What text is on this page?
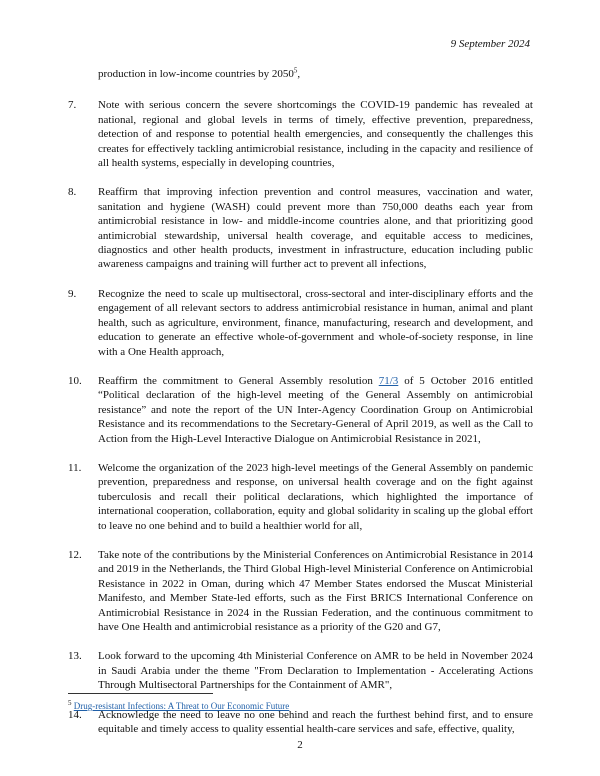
9 September 2024

production in low-income countries by 2050$^5$,

7. Note with serious concern the severe shortcomings the COVID-19 pandemic has revealed at national, regional and global levels in terms of timely, effective prevention, preparedness, detection of and response to potential health emergencies, and consequently the challenges this creates for effectively tackling antimicrobial resistance, including in the capacity and resilience of all health systems, especially in developing countries,

8. Reaffirm that improving infection prevention and control measures, vaccination and water, sanitation and hygiene (WASH) could prevent more than 750,000 deaths each year from antimicrobial resistance in low- and middle-income countries alone, and that prioritizing good antimicrobial stewardship, universal health coverage, and equitable access to medicines, diagnostics and other health products, investment in infrastructure, education including public awareness campaigns and training will further act to prevent all infections,

9. Recognize the need to scale up multisectoral, cross-sectoral and inter-disciplinary efforts and the engagement of all relevant sectors to address antimicrobial resistance in human, animal and plant health, such as agriculture, environment, finance, manufacturing, research and development, and education to generate an effective whole-of-government and whole-of-society response, in line with a One Health approach,

10. Reaffirm the commitment to General Assembly resolution 71/3 of 5 October 2016 entitled “Political declaration of the high-level meeting of the General Assembly on antimicrobial resistance” and note the report of the UN Inter-Agency Coordination Group on Antimicrobial Resistance and its recommendations to the Secretary-General of April 2019, as well as the Call to Action from the High-Level Interactive Dialogue on Antimicrobial Resistance in 2021,

11. Welcome the organization of the 2023 high-level meetings of the General Assembly on pandemic prevention, preparedness and response, on universal health coverage and on the fight against tuberculosis and recall their political declarations, which highlighted the importance of international cooperation, collaboration, equity and global solidarity in scaling up the global effort to leave no one behind and to build a healthier world for all,

12. Take note of the contributions by the Ministerial Conferences on Antimicrobial Resistance in 2014 and 2019 in the Netherlands, the Third Global High-level Ministerial Conference on Antimicrobial Resistance in 2022 in Oman, during which 47 Member States endorsed the Muscat Ministerial Manifesto, and Member State-led efforts, such as the First BRICS International Conference on Antimicrobial Resistance in 2024 in the Russian Federation, and the continuous commitment to have One Health and antimicrobial resistance as a priority of the G20 and G7,

13. Look forward to the upcoming 4th Ministerial Conference on AMR to be held in November 2024 in Saudi Arabia under the theme "From Declaration to Implementation - Accelerating Actions Through Multisectoral Partnerships for the Containment of AMR",

14. Acknowledge the need to leave no one behind and reach the furthest behind first, and to ensure equitable and timely access to quality essential health-care services and safe, effective, quality,

$^5$ Drug-resistant Infections: A Threat to Our Economic Future
2
